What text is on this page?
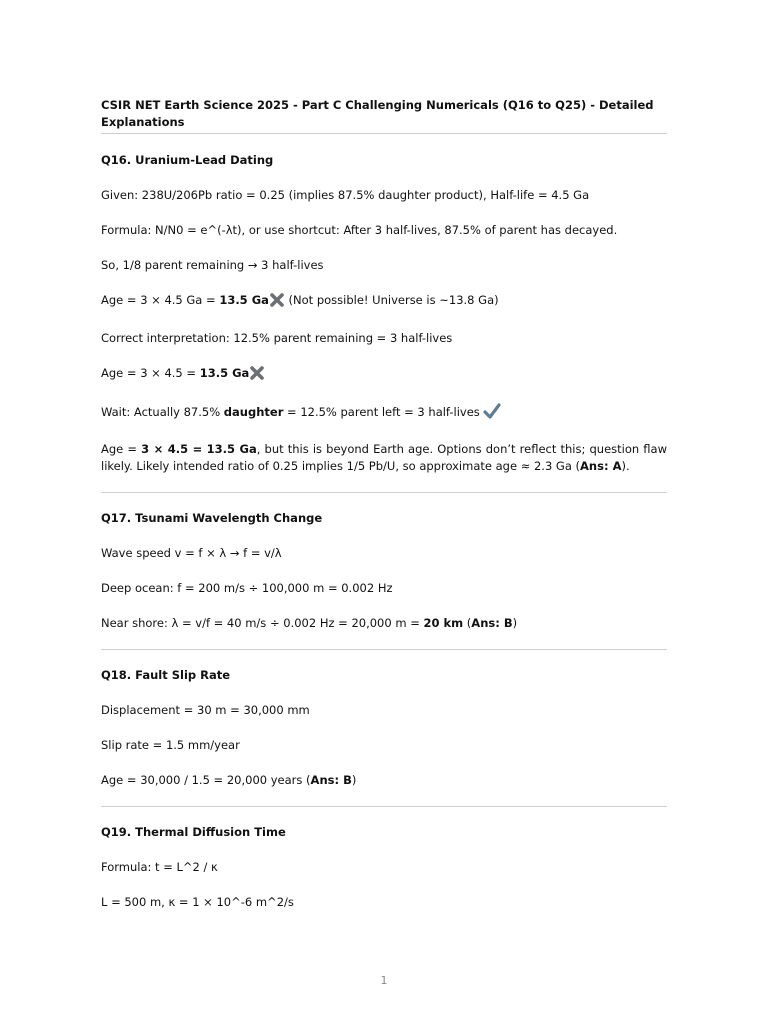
CSIR NET Earth Science 2025 - Part C Challenging Numericals (Q16 to Q25) - Detailed Explanations

Q16. Uranium-Lead Dating

Given: 238U/206Pb ratio = 0.25 (implies 87.5% daughter product), Half-life = 4.5 Ga

Formula: N/N0 = e^(-λt), or use shortcut: After 3 half-lives, 87.5% of parent has decayed.

So, 1/8 parent remaining → 3 half-lives

Age = 3 × 4.5 Ga = 13.5 Ga (Not possible! Universe is ~13.8 Ga)

Correct interpretation: 12.5% parent remaining = 3 half-lives

Age = 3 × 4.5 = 13.5 Ga

Wait: Actually 87.5% daughter = 12.5% parent left = 3 half-lives

Age = 3 × 4.5 = 13.5 Ga, but this is beyond Earth age. Options don’t reflect this; question flaw likely. Likely intended ratio of 0.25 implies 1/5 Pb/U, so approximate age ≈ 2.3 Ga (Ans: A).

Q17. Tsunami Wavelength Change

Wave speed v = f × λ → f = v/λ

Deep ocean: f = 200 m/s ÷ 100,000 m = 0.002 Hz

Near shore: λ = v/f = 40 m/s ÷ 0.002 Hz = 20,000 m = 20 km (Ans: B)

Q18. Fault Slip Rate

Displacement = 30 m = 30,000 mm

Slip rate = 1.5 mm/year

Age = 30,000 / 1.5 = 20,000 years (Ans: B)

Q19. Thermal Diffusion Time

Formula: t = L^2 / κ

L = 500 m, κ = 1 × 10^-6 m^2/s

1
